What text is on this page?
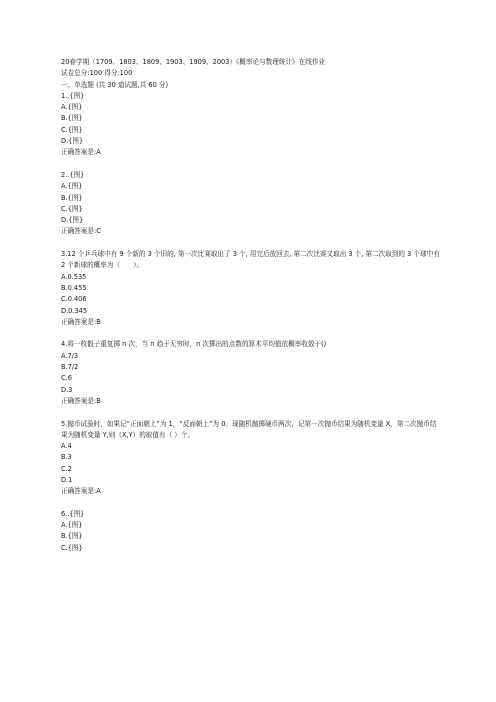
20春学期（1709、1803、1809、1903、1909、2003）《概率论与数理统计》在线作业
试卷总分:100 得分:100
一、单选题 (共 30 道试题,共 60 分)
1..{图}
A.{图}
B.{图}
C.{图}
D.{图}
正确答案是:A
2..{图}
A.{图}
B.{图}
C.{图}
D.{图}
正确答案是:C
3.12 个乒乓球中有 9 个新的 3 个旧的, 第一次比赛取出了 3 个, 用完后放回去, 第二次比赛又取出 3 个, 第二次取到的 3 个球中有 2 个新球的概率为（　　）。
A.0.535
B.0.455
C.0.406
D.0.345
正确答案是:B
4.将一枚骰子重复掷 n 次，当 n 趋于无穷时，n 次掷出的点数的算术平均值依概率收敛于()
A.7/3
B.7/2
C.6
D.3
正确答案是:B
5.抛币试验时，如果记“正面朝上”为 1，“反面朝上”为 0。现随机抛掷硬币两次，记第一次抛币结果为随机变量 X，第二次抛币结果为随机变量 Y,则（X,Y）的取值有（ ）个。
A.4
B.3
C.2
D.1
正确答案是:A
6..{图}
A.{图}
B.{图}
C.{图}
